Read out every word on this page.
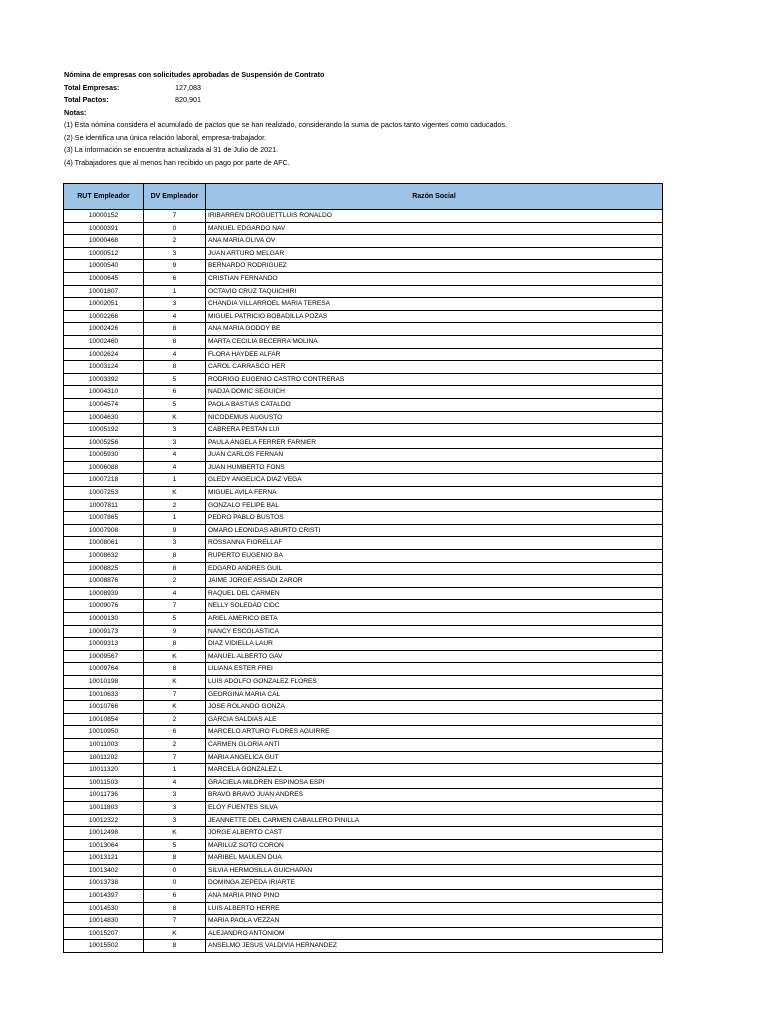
Nómina de empresas con solicitudes aprobadas de Suspensión de Contrato
Total Empresas:	127,083
Total Pactos:	820,901
Notas:
(1) Esta nómina considera el acumulado de pactos que se han realizado, considerando la suma de pactos tanto vigentes como caducados.
(2) Se identifica una única relación laboral, empresa-trabajador.
(3) La información se encuentra actualizada al 31 de Julio de 2021.
(4) Trabajadores que al menos han recibido un pago por parte de AFC.
RUT Empleador	DV Empleador	Razón Social
10000152	7	IRIBARREN DROGUETTLUIS RONALDO
10000391	0	MANUEL EDGARDO NAV
10000468	2	ANA MARIA OLIVA OV
10000512	3	JUAN ARTURO MELGAR
10000540	9	BERNARDO RODRIGUEZ
10000645	6	CRISTIAN FERNANDO
10001807	1	OCTAVIO CRUZ TAQUICHIRI
10002051	3	CHANDIA VILLARROEL MARIA TERESA
10002266	4	MIGUEL PATRICIO BOBADILLA POZAS
10002426	8	ANA MARIA GODOY BE
10002460	8	MARTA CECILIA BECERRA MOLINA
10002624	4	FLORA HAYDEE ALFAR
10003124	8	CAROL CARRASCO HER
10003392	5	RODRIGO EUGENIO CASTRO CONTRERAS
10004310	6	NADJA DOMIC SEGUICH
10004574	5	PAOLA BASTIAS CATALDO
10004630	K	NICODEMUS AUGUSTO
10005192	3	CABRERA PESTAN LUI
10005256	3	PAULA ANGELA FERRER FARNIER
10005930	4	JUAN CARLOS FERNAN
10006088	4	JUAN HUMBERTO FONS
10007218	1	GLEDY ANGELICA DIAZ VEGA
10007253	K	MIGUEL AVILA FERNA
10007811	2	GONZALO FELIPE BAL
10007865	1	PEDRO PABLO BUSTOS
10007908	9	OMARO LEONIDAS ABURTO CRISTI
10008061	3	ROSSANNA FIORELLAF
10008632	8	RUPERTO EUGENIO BA
10008825	8	EDGARD ANDRES GUIL
10008876	2	JAIME JORGE ASSADI ZAROR
10008939	4	RAQUEL DEL CARMEN
10009076	7	NELLY SOLEDAD CIDC
10009130	5	ARIEL AMERICO BETA
10009173	9	NANCY ESCOLASTICA
10009313	8	DIAZ VIDIELLA LAUR
10009567	K	MANUEL ALBERTO GAV
10009764	8	LILIANA ESTER FREI
10010198	K	LUIS ADOLFO GONZALEZ FLORES
10010633	7	GEORGINA MARIA CAL
10010766	K	JOSE ROLANDO GONZA
10010854	2	GARCIA SALDIAS ALE
10010950	6	MARCELO ARTURO FLORES AGUIRRE
10011003	2	CARMEN GLORIA ANTI
10011202	7	MARIA ANGELICA GUT
10011320	1	MARCELA GONZALEZ L
10011503	4	GRACIELA MILDREN ESPINOSA ESPI
10011736	3	BRAVO BRAVO JUAN ANDRES
10011803	3	ELOY FUENTES SILVA
10012322	3	JEANNETTE DEL CARMEN CABALLERO PINILLA
10012498	K	JORGE ALBERTO CAST
10013064	5	MARILUZ SOTO CORON
10013121	8	MARIBEL MAULEN DUA
10013402	0	SILVIA HERMOSILLA GUICHAPAN
10013738	0	DOMINGA ZEPEDA IRIARTE
10014397	6	ANA MARIA PINO PINO
10014530	8	LUIS ALBERTO HERRE
10014830	7	MARIA PAOLA VEZZAN
10015207	K	ALEJANDRO ANTONIOM
10015502	8	ANSELMO JESUS VALDIVIA HERNANDEZ
